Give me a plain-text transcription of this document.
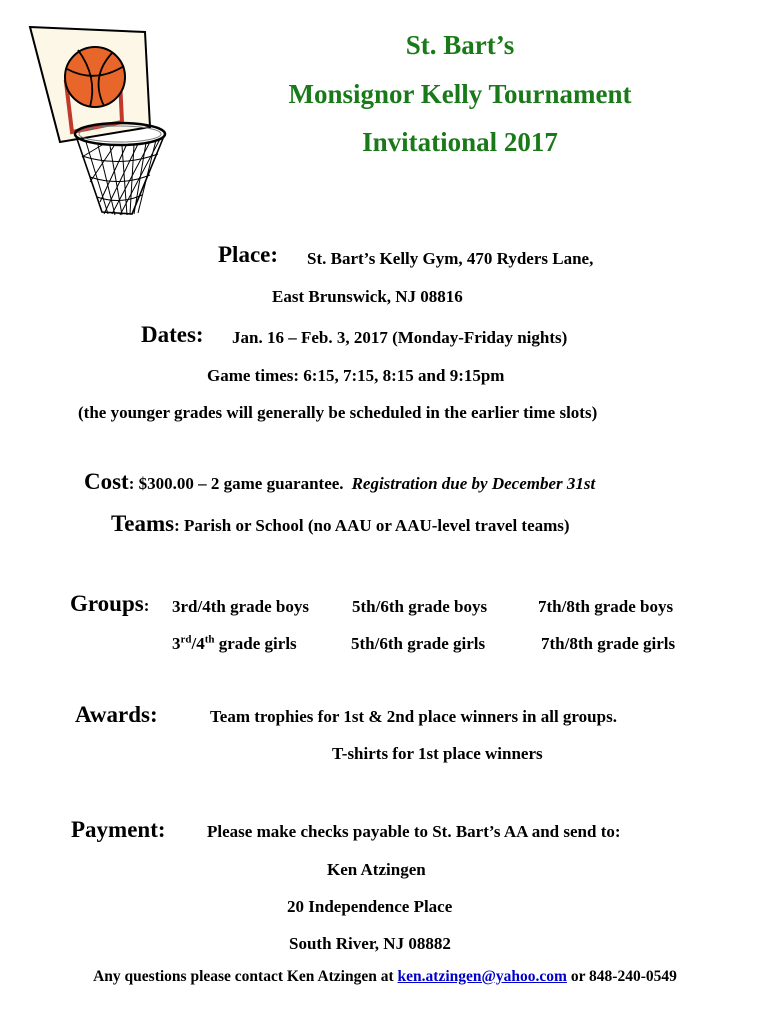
St. Bart’s
Monsignor Kelly Tournament
Invitational 2017
Place: St. Bart’s Kelly Gym, 470 Ryders Lane,
East Brunswick, NJ 08816
Dates: Jan. 16 – Feb. 3, 2017 (Monday-Friday nights)
Game times: 6:15, 7:15, 8:15 and 9:15pm
(the younger grades will generally be scheduled in the earlier time slots)
Cost: $300.00 – 2 game guarantee. Registration due by December 31st
Teams: Parish or School (no AAU or AAU-level travel teams)
Groups: 3rd/4th grade boys	5th/6th grade boys	7th/8th grade boys
3rd/4th grade girls	5th/6th grade girls	7th/8th grade girls
Awards:	Team trophies for 1st & 2nd place winners in all groups.
T-shirts for 1st place winners
Payment: Please make checks payable to St. Bart’s AA and send to:
Ken Atzingen
20 Independence Place
South River, NJ 08882
Any questions please contact Ken Atzingen at ken.atzingen@yahoo.com or 848-240-0549
